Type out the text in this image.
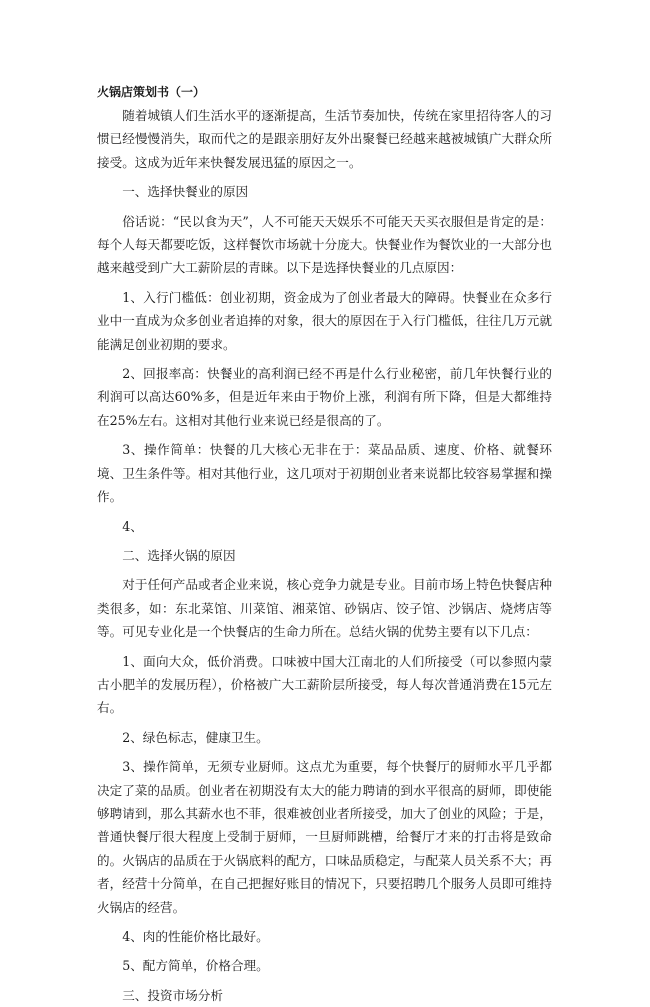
火锅店策划书（一）

随着城镇人们生活水平的逐渐提高，生活节奏加快，传统在家里招待客人的习惯已经慢慢消失，取而代之的是跟亲朋好友外出聚餐已经越来越被城镇广大群众所接受。这成为近年来快餐发展迅猛的原因之一。

一、选择快餐业的原因

俗话说：“民以食为天”，人不可能天天娱乐不可能天天买衣服但是肯定的是：每个人每天都要吃饭，这样餐饮市场就十分庞大。快餐业作为餐饮业的一大部分也越来越受到广大工薪阶层的青睐。以下是选择快餐业的几点原因：

1、入行门槛低：创业初期，资金成为了创业者最大的障碍。快餐业在众多行业中一直成为众多创业者追捧的对象，很大的原因在于入行门槛低，往往几万元就能满足创业初期的要求。

2、回报率高：快餐业的高利润已经不再是什么行业秘密，前几年快餐行业的利润可以高达60%多，但是近年来由于物价上涨，利润有所下降，但是大都维持在25%左右。这相对其他行业来说已经是很高的了。

3、操作简单：快餐的几大核心无非在于：菜品品质、速度、价格、就餐环境、卫生条件等。相对其他行业，这几项对于初期创业者来说都比较容易掌握和操作。

4、

二、选择火锅的原因

对于任何产品或者企业来说，核心竞争力就是专业。目前市场上特色快餐店种类很多，如：东北菜馆、川菜馆、湘菜馆、砂锅店、饺子馆、沙锅店、烧烤店等等。可见专业化是一个快餐店的生命力所在。总结火锅的优势主要有以下几点：

1、面向大众，低价消费。口味被中国大江南北的人们所接受（可以参照内蒙古小肥羊的发展历程），价格被广大工薪阶层所接受，每人每次普通消费在15元左右。

2、绿色标志，健康卫生。

3、操作简单，无须专业厨师。这点尤为重要，每个快餐厅的厨师水平几乎都决定了菜的品质。创业者在初期没有太大的能力聘请的到水平很高的厨师，即使能够聘请到，那么其薪水也不菲，很难被创业者所接受，加大了创业的风险；于是，普通快餐厅很大程度上受制于厨师，一旦厨师跳槽，给餐厅才来的打击将是致命的。火锅店的品质在于火锅底料的配方，口味品质稳定，与配菜人员关系不大；再者，经营十分简单，在自己把握好账目的情况下，只要招聘几个服务人员即可维持火锅店的经营。

4、肉的性能价格比最好。

5、配方简单，价格合理。

三、投资市场分析
